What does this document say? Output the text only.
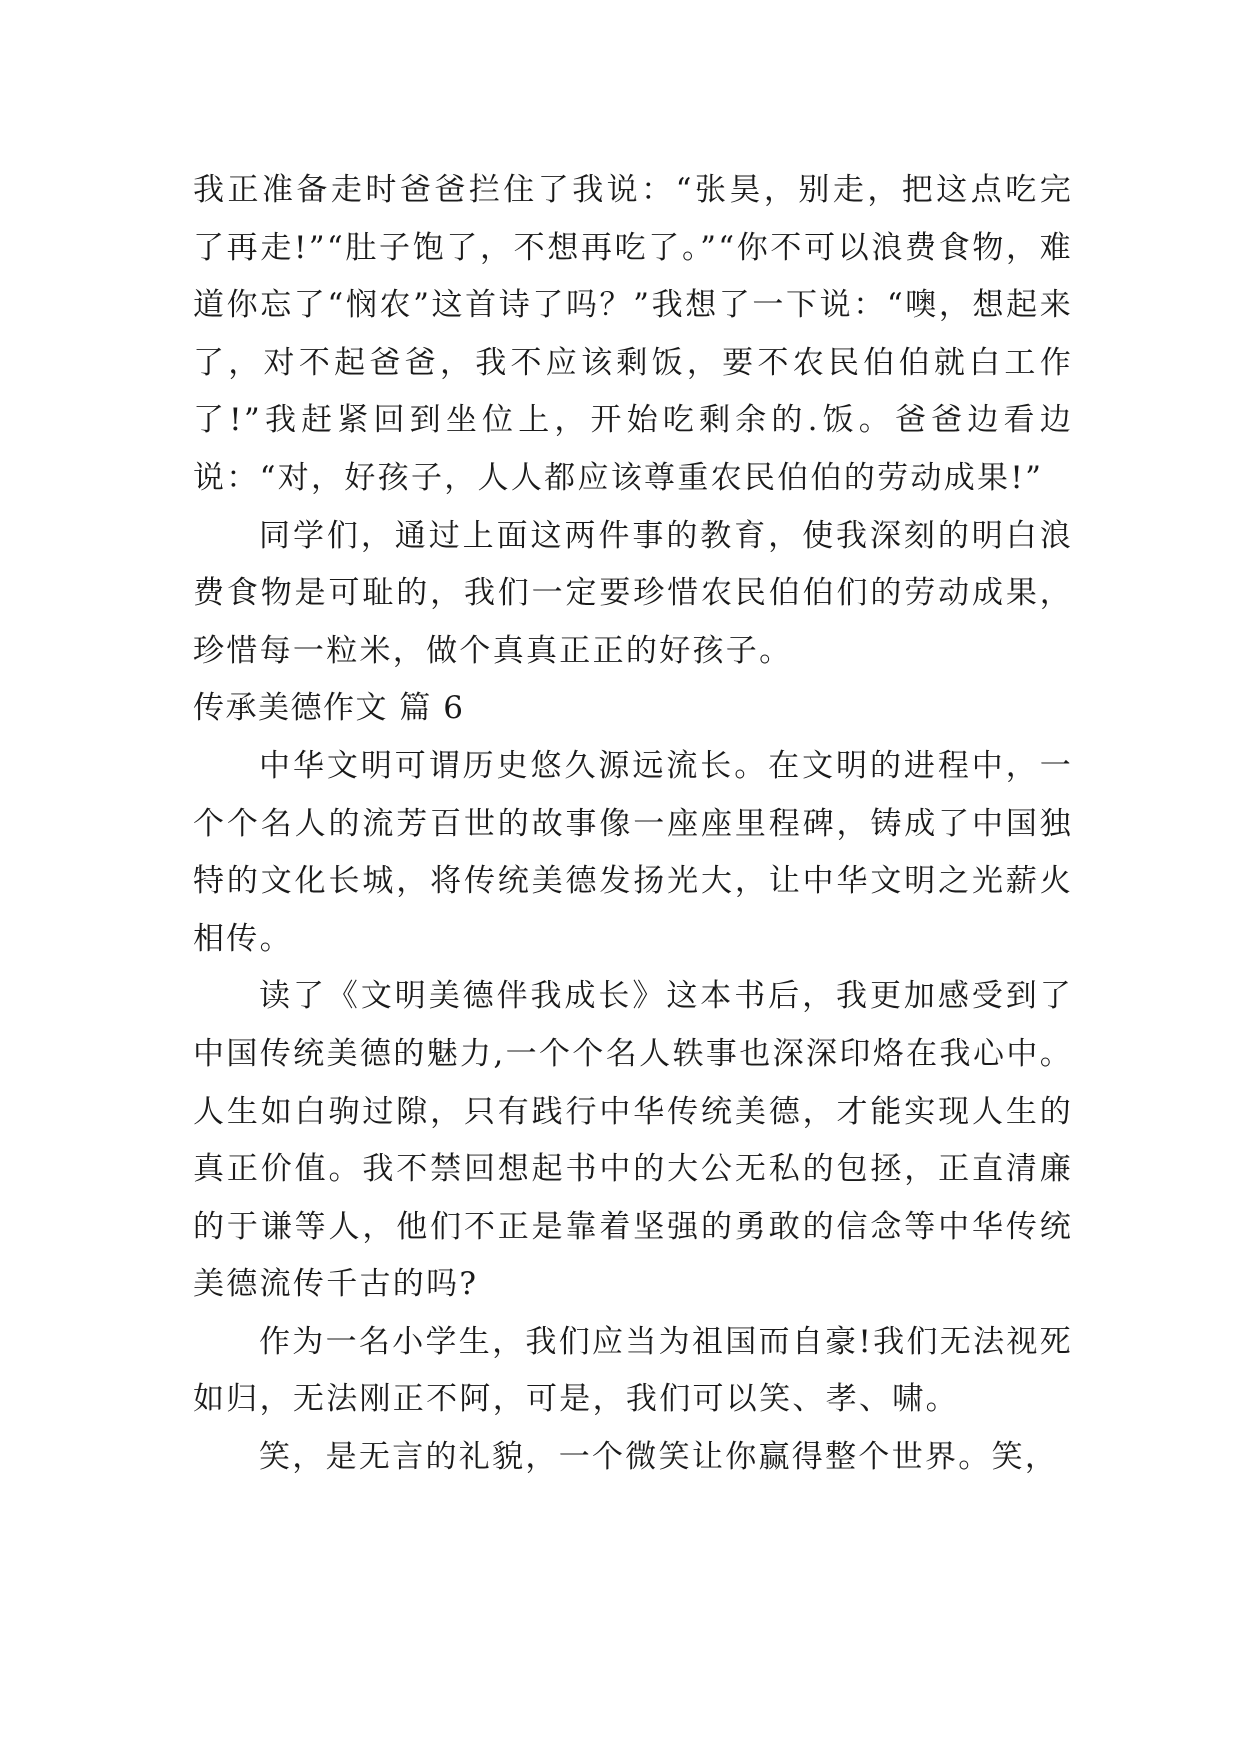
我正准备走时爸爸拦住了我说：“张昊，别走，把这点吃完了再走!”“肚子饱了，不想再吃了。”“你不可以浪费食物，难道你忘了“悯农”这首诗了吗？”我想了一下说：“噢，想起来了，对不起爸爸，我不应该剩饭，要不农民伯伯就白工作了!”我赶紧回到坐位上，开始吃剩余的.饭。爸爸边看边说：“对，好孩子，人人都应该尊重农民伯伯的劳动成果!”

同学们，通过上面这两件事的教育，使我深刻的明白浪费食物是可耻的，我们一定要珍惜农民伯伯们的劳动成果，珍惜每一粒米，做个真真正正的好孩子。

传承美德作文 篇 6

中华文明可谓历史悠久源远流长。在文明的进程中，一个个名人的流芳百世的故事像一座座里程碑，铸成了中国独特的文化长城，将传统美德发扬光大，让中华文明之光薪火相传。

读了《文明美德伴我成长》这本书后，我更加感受到了中国传统美德的魅力,一个个名人轶事也深深印烙在我心中。人生如白驹过隙，只有践行中华传统美德，才能实现人生的真正价值。我不禁回想起书中的大公无私的包拯，正直清廉的于谦等人，他们不正是靠着坚强的勇敢的信念等中华传统美德流传千古的吗?

作为一名小学生，我们应当为祖国而自豪!我们无法视死如归，无法刚正不阿，可是，我们可以笑、孝、啸。

笑，是无言的礼貌，一个微笑让你赢得整个世界。笑，
